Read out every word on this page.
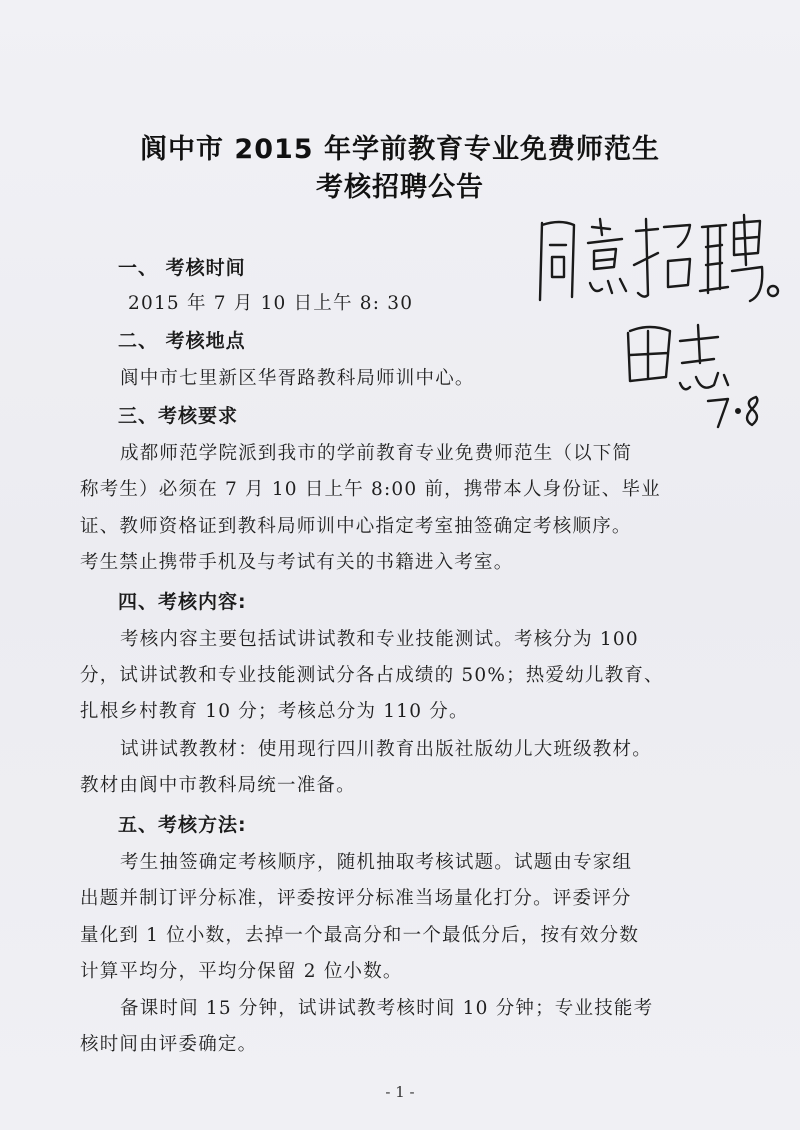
阆中市 2015 年学前教育专业免费师范生
考核招聘公告
一、 考核时间
2015 年 7 月 10 日上午 8: 30
二、 考核地点
阆中市七里新区华胥路教科局师训中心。
三、考核要求
成都师范学院派到我市的学前教育专业免费师范生（以下简
称考生）必须在 7 月 10 日上午 8:00 前，携带本人身份证、毕业
证、教师资格证到教科局师训中心指定考室抽签确定考核顺序。
考生禁止携带手机及与考试有关的书籍进入考室。
四、考核内容:
考核内容主要包括试讲试教和专业技能测试。考核分为 100
分，试讲试教和专业技能测试分各占成绩的 50%；热爱幼儿教育、
扎根乡村教育 10 分；考核总分为 110 分。
试讲试教教材：使用现行四川教育出版社版幼儿大班级教材。
教材由阆中市教科局统一准备。
五、考核方法:
考生抽签确定考核顺序，随机抽取考核试题。试题由专家组
出题并制订评分标准，评委按评分标准当场量化打分。评委评分
量化到 1 位小数，去掉一个最高分和一个最低分后，按有效分数
计算平均分，平均分保留 2 位小数。
备课时间 15 分钟，试讲试教考核时间 10 分钟；专业技能考
核时间由评委确定。
- 1 -
